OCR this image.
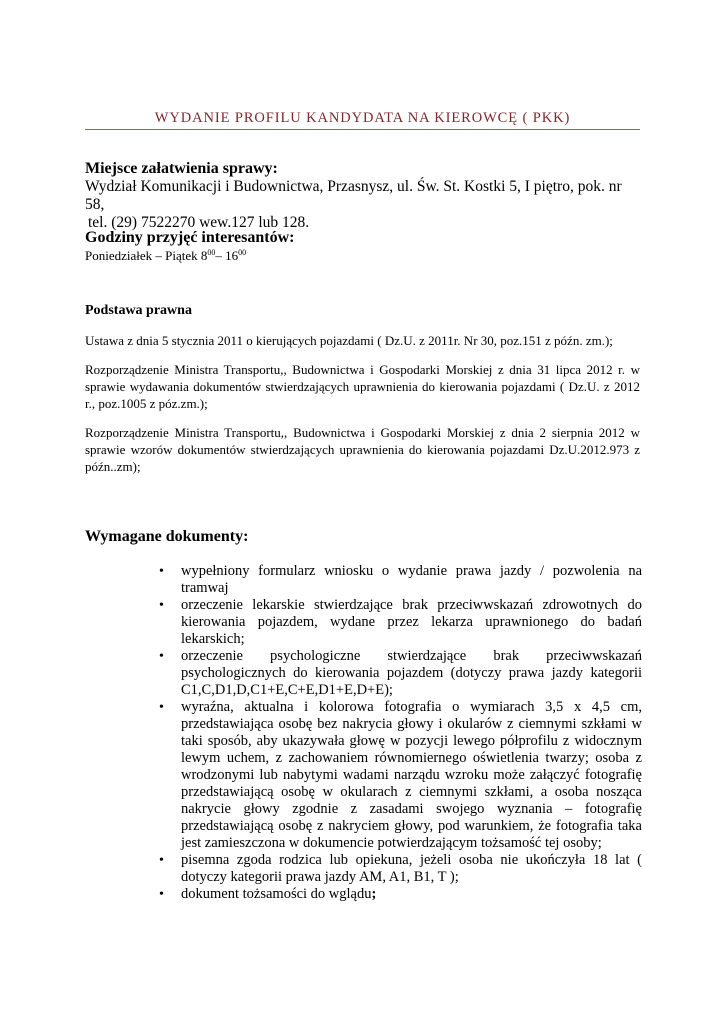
WYDANIE PROFILU KANDYDATA NA KIEROWCĘ ( PKK)
Miejsce załatwienia sprawy:
Wydział Komunikacji i Budownictwa, Przasnysz, ul. Św. St. Kostki 5, I piętro, pok. nr 58,
tel. (29) 7522270 wew.127 lub 128.
Godziny przyjęć interesantów:
Poniedziałek – Piątek $8^{00}-$ $16^{00}$
Podstawa prawna
Ustawa z dnia 5 stycznia 2011 o kierujących pojazdami ( Dz.U. z 2011r. Nr 30, poz.151 z późn. zm.);
Rozporządzenie Ministra Transportu,, Budownictwa i Gospodarki Morskiej z dnia 31 lipca 2012 r. w sprawie wydawania dokumentów stwierdzających uprawnienia do kierowania pojazdami ( Dz.U. z 2012 r., poz.1005 z póz.zm.);
Rozporządzenie Ministra Transportu,, Budownictwa i Gospodarki Morskiej z dnia 2 sierpnia 2012 w sprawie wzorów dokumentów stwierdzających uprawnienia do kierowania pojazdami Dz.U.2012.973 z późn..zm);
Wymagane dokumenty:
• wypełniony formularz wniosku o wydanie prawa jazdy / pozwolenia na tramwaj
• orzeczenie lekarskie stwierdzające brak przeciwwskazań zdrowotnych do kierowania pojazdem, wydane przez lekarza uprawnionego do badań lekarskich;
• orzeczenie psychologiczne stwierdzające brak przeciwwskazań psychologicznych do kierowania pojazdem (dotyczy prawa jazdy kategorii C1,C,D1,D,C1+E,C+E,D1+E,D+E);
• wyraźna, aktualna i kolorowa fotografia o wymiarach 3,5 x 4,5 cm, przedstawiająca osobę bez nakrycia głowy i okularów z ciemnymi szkłami w taki sposób, aby ukazywała głowę w pozycji lewego półprofilu z widocznym lewym uchem, z zachowaniem równomiernego oświetlenia twarzy; osoba z wrodzonymi lub nabytymi wadami narządu wzroku może załączyć fotografię przedstawiającą osobę w okularach z ciemnymi szkłami, a osoba nosząca nakrycie głowy zgodnie z zasadami swojego wyznania – fotografię przedstawiającą osobę z nakryciem głowy, pod warunkiem, że fotografia taka jest zamieszczona w dokumencie potwierdzającym tożsamość tej osoby;
• pisemna zgoda rodzica lub opiekuna, jeżeli osoba nie ukończyła 18 lat ( dotyczy kategorii prawa jazdy AM, A1, B1, T );
• dokument tożsamości do wglądu;
